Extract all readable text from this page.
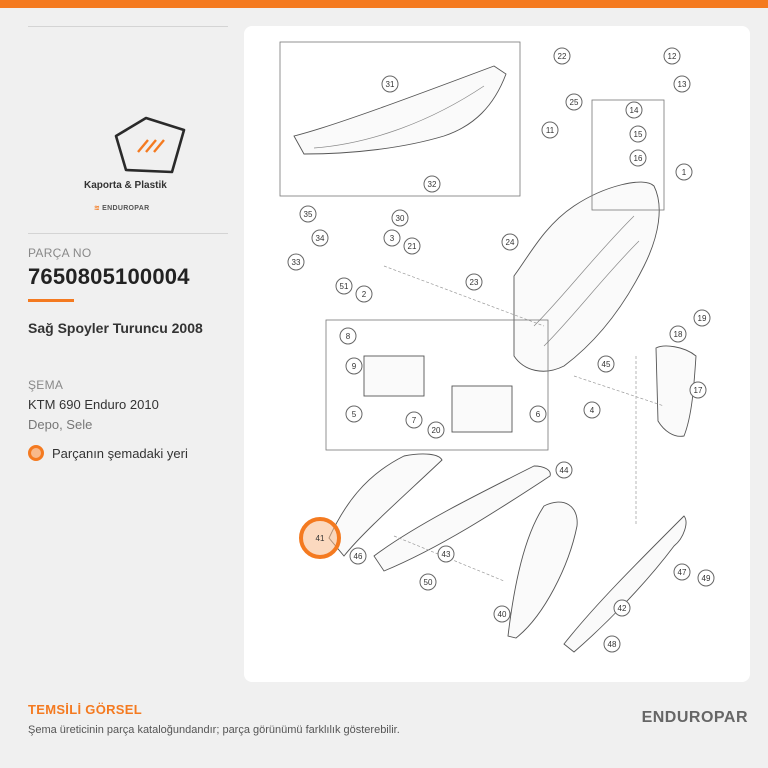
Kaporta & Plastik
≋ ENDUROPAR
PARÇA NO
7650805100004
Sağ Spoyler Turuncu 2008
ŞEMA
KTM 690 Enduro 2010
Depo, Sele
Parçanın şemadaki yeri
1
2
3
4
5	6
7
8
9
11
12
13
14
15
16
17
18
19
20
21
22
23
24
25
30
31
32
33
34
35
40
42
43
44
45
46
47
48
49
50
51
41
TEMSİLİ GÖRSEL
Şema üreticinin parça kataloğundandır; parça görünümü farklılık gösterebilir.
ENDUROPAR
